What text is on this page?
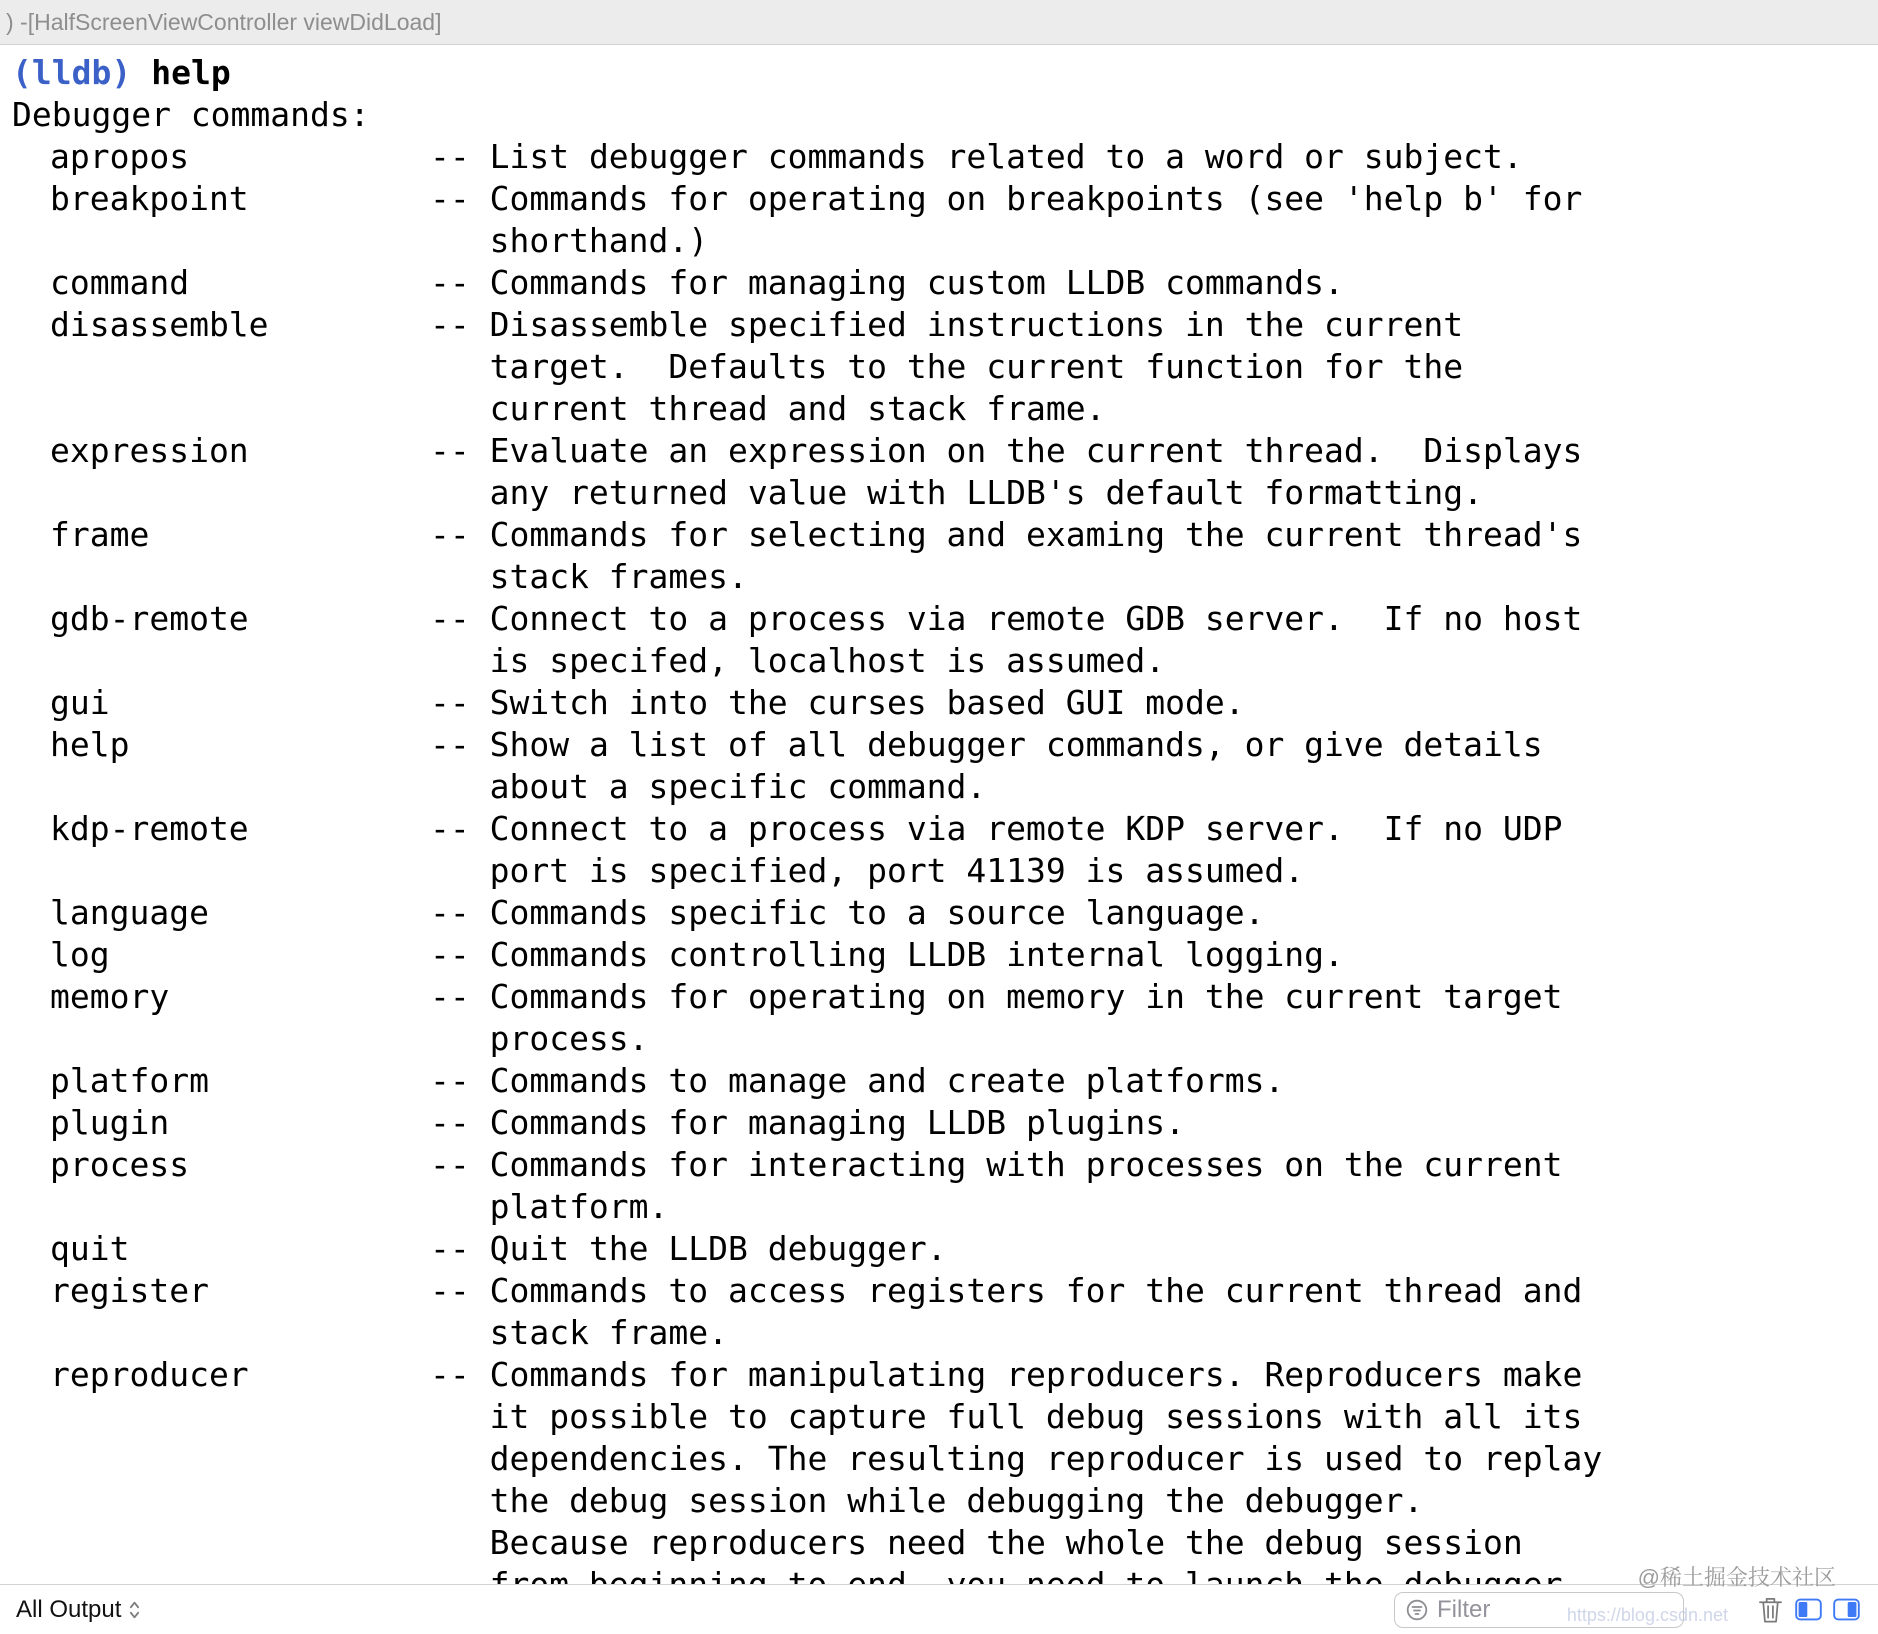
) -[HalfScreenViewController viewDidLoad]
(lldb) help
Debugger commands:
apropos	-- List debugger commands related to a word or subject.
breakpoint	-- Commands for operating on breakpoints (see 'help b' for
shorthand.)
command	-- Commands for managing custom LLDB commands.
disassemble	-- Disassemble specified instructions in the current
target.  Defaults to the current function for the
current thread and stack frame.
expression	-- Evaluate an expression on the current thread.  Displays
any returned value with LLDB's default formatting.
frame	-- Commands for selecting and examing the current thread's
stack frames.
gdb-remote	-- Connect to a process via remote GDB server.  If no host
is specifed, localhost is assumed.
gui	-- Switch into the curses based GUI mode.
help	-- Show a list of all debugger commands, or give details
about a specific command.
kdp-remote	-- Connect to a process via remote KDP server.  If no UDP
port is specified, port 41139 is assumed.
language	-- Commands specific to a source language.
log	-- Commands controlling LLDB internal logging.
memory	-- Commands for operating on memory in the current target
process.
platform	-- Commands to manage and create platforms.
plugin	-- Commands for managing LLDB plugins.
process	-- Commands for interacting with processes on the current
platform.
quit	-- Quit the LLDB debugger.
register	-- Commands to access registers for the current thread and
stack frame.
reproducer	-- Commands for manipulating reproducers. Reproducers make
it possible to capture full debug sessions with all its
dependencies. The resulting reproducer is used to replay
the debug session while debugging the debugger.
Because reproducers need the whole the debug session
@稀土掘金技术社区
https://blog.csdn.net
All Output
Filter
